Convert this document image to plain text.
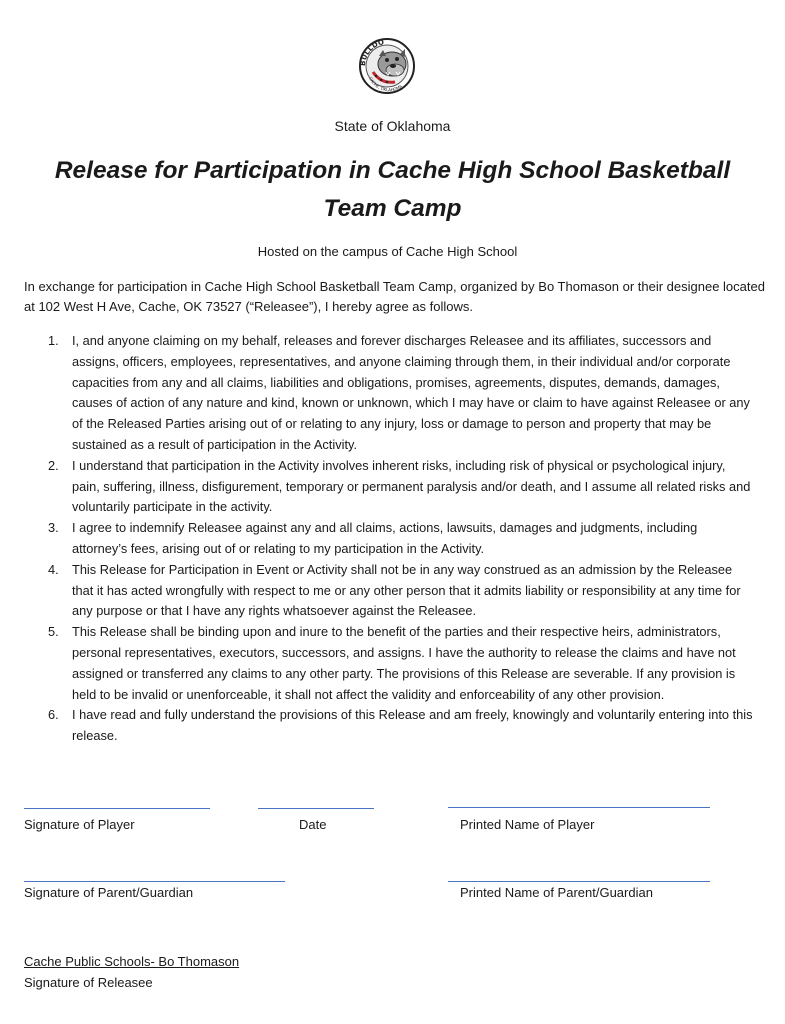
BULLDO
CACHE, OKLAHOMA
State of Oklahoma
Release for Participation in Cache High School Basketball Team Camp
Hosted on the campus of Cache High School

In exchange for participation in Cache High School Basketball Team Camp, organized by Bo Thomason or their designee located at 102 West H Ave, Cache, OK 73527 (“Releasee”), I hereby agree as follows.

1. I, and anyone claiming on my behalf, releases and forever discharges Releasee and its affiliates, successors and assigns, officers, employees, representatives, and anyone claiming through them, in their individual and/or corporate capacities from any and all claims, liabilities and obligations, promises, agreements, disputes, demands, damages, causes of action of any nature and kind, known or unknown, which I may have or claim to have against Releasee or any of the Released Parties arising out of or relating to any injury, loss or damage to person and property that may be sustained as a result of participation in the Activity.
2. I understand that participation in the Activity involves inherent risks, including risk of physical or psychological injury, pain, suffering, illness, disfigurement, temporary or permanent paralysis and/or death, and I assume all related risks and voluntarily participate in the activity.
3. I agree to indemnify Releasee against any and all claims, actions, lawsuits, damages and judgments, including attorney’s fees, arising out of or relating to my participation in the Activity.
4. This Release for Participation in Event or Activity shall not be in any way construed as an admission by the Releasee that it has acted wrongfully with respect to me or any other person that it admits liability or responsibility at any time for any purpose or that I have any rights whatsoever against the Releasee.
5. This Release shall be binding upon and inure to the benefit of the parties and their respective heirs, administrators, personal representatives, executors, successors, and assigns. I have the authority to release the claims and have not assigned or transferred any claims to any other party. The provisions of this Release are severable. If any provision is held to be invalid or unenforceable, it shall not affect the validity and enforceability of any other provision.
6. I have read and fully understand the provisions of this Release and am freely, knowingly and voluntarily entering into this release.
Signature of Player	Date	Printed Name of Player
Signature of Parent/Guardian	Printed Name of Parent/Guardian
Cache Public Schools- Bo Thomason
Signature of Releasee
